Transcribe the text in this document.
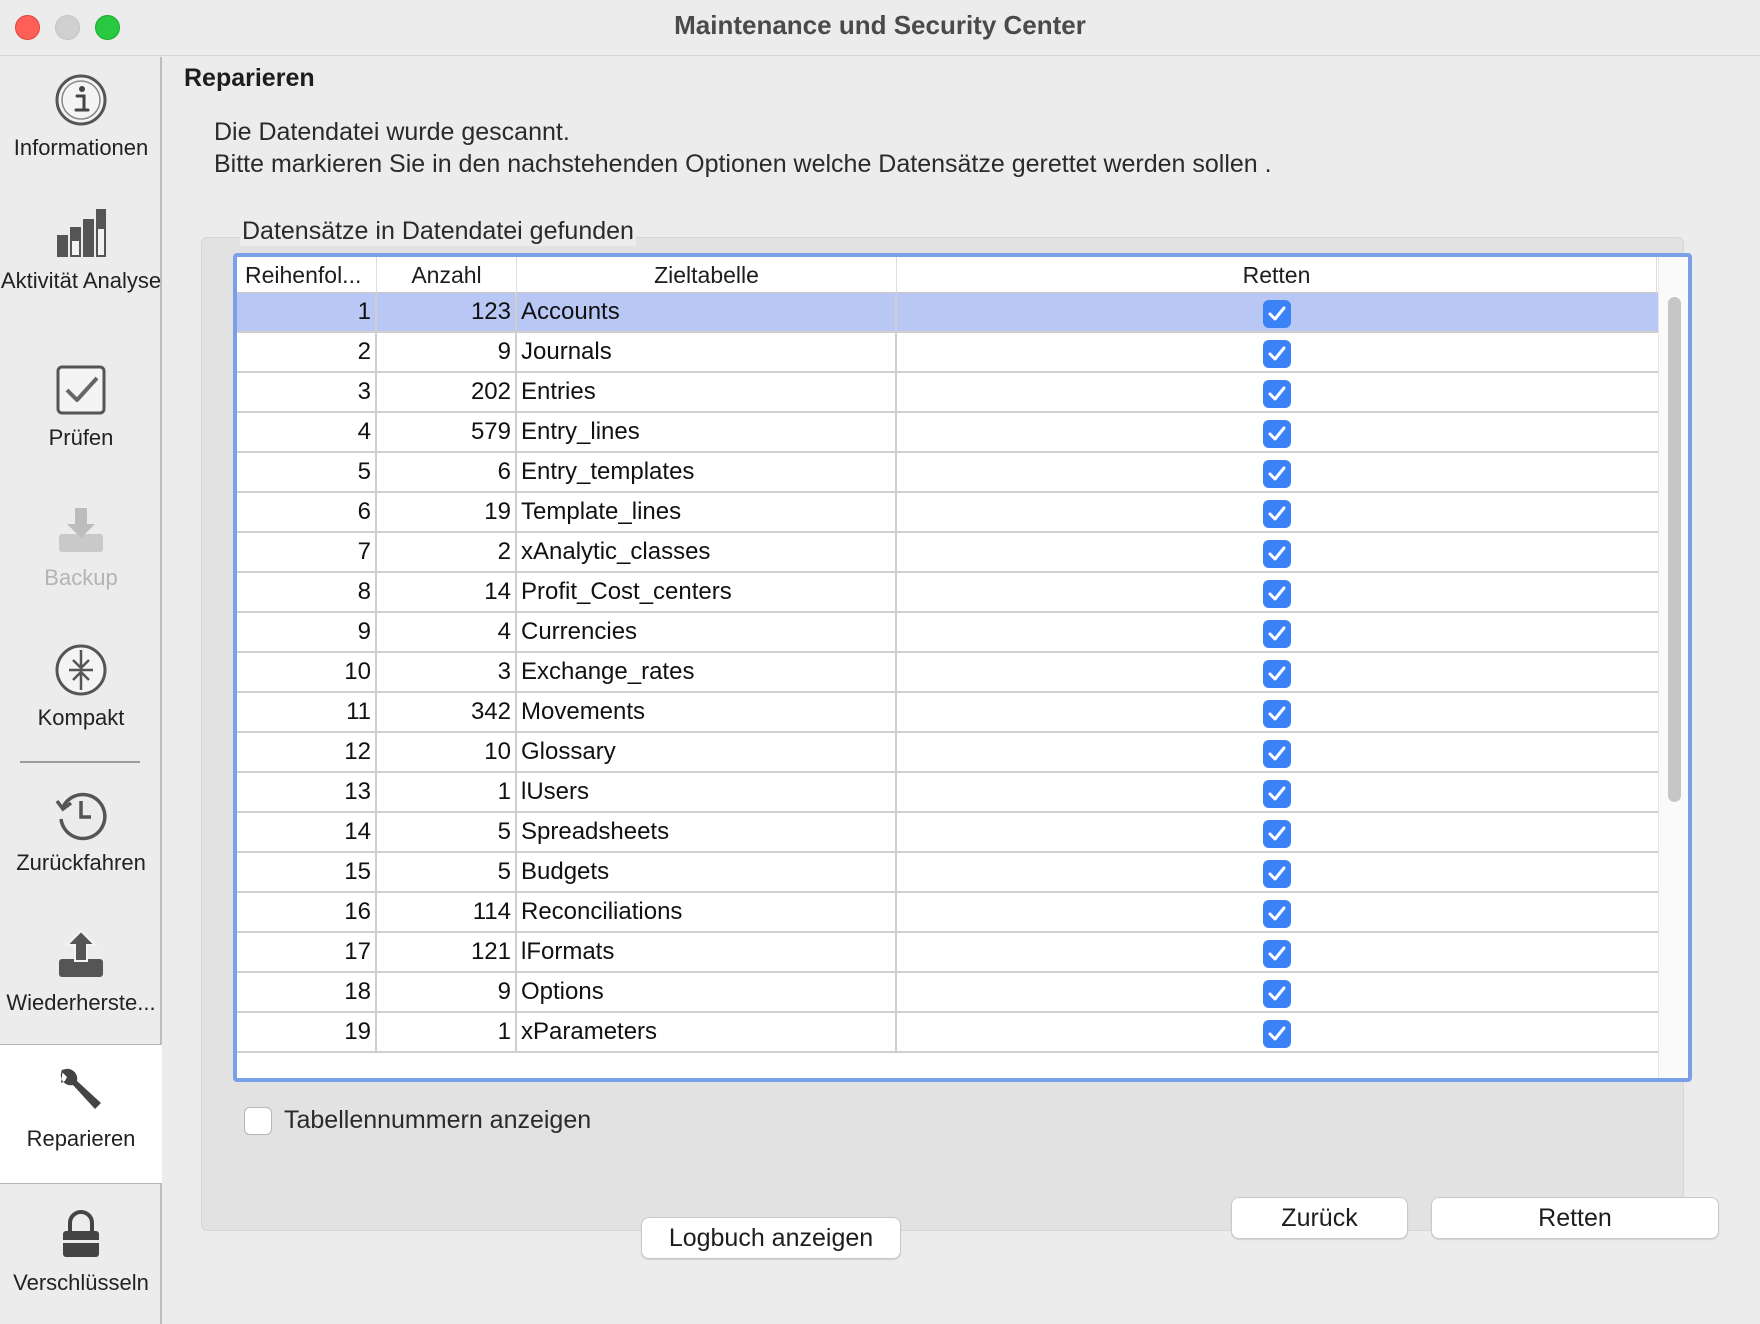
Maintenance und Security Center
Informationen
Aktivität Analyse
Prüfen
Backup
Kompakt
Zurückfahren
Wiederherste...
Reparieren
Verschlüsseln
Reparieren
Die Datendatei wurde gescannt.
Bitte markieren Sie in den nachstehenden Optionen welche Datensätze gerettet werden sollen .
Datensätze in Datendatei gefunden
Reihenfol...	Anzahl	Zieltabelle	Retten
1	123 Accounts
2	9 Journals
3	202 Entries
4	579 Entry_lines
5	6 Entry_templates
6	19 Template_lines
7	2 xAnalytic_classes
8	14 Profit_Cost_centers
9	4 Currencies
10	3 Exchange_rates
11	342 Movements
12	10 Glossary
13	1 lUsers
14	5 Spreadsheets
15	5 Budgets
16	114 Reconciliations
17	121 lFormats
18	9 Options
19	1 xParameters
Tabellennummern anzeigen
Logbuch anzeigen
Zurück	Retten
